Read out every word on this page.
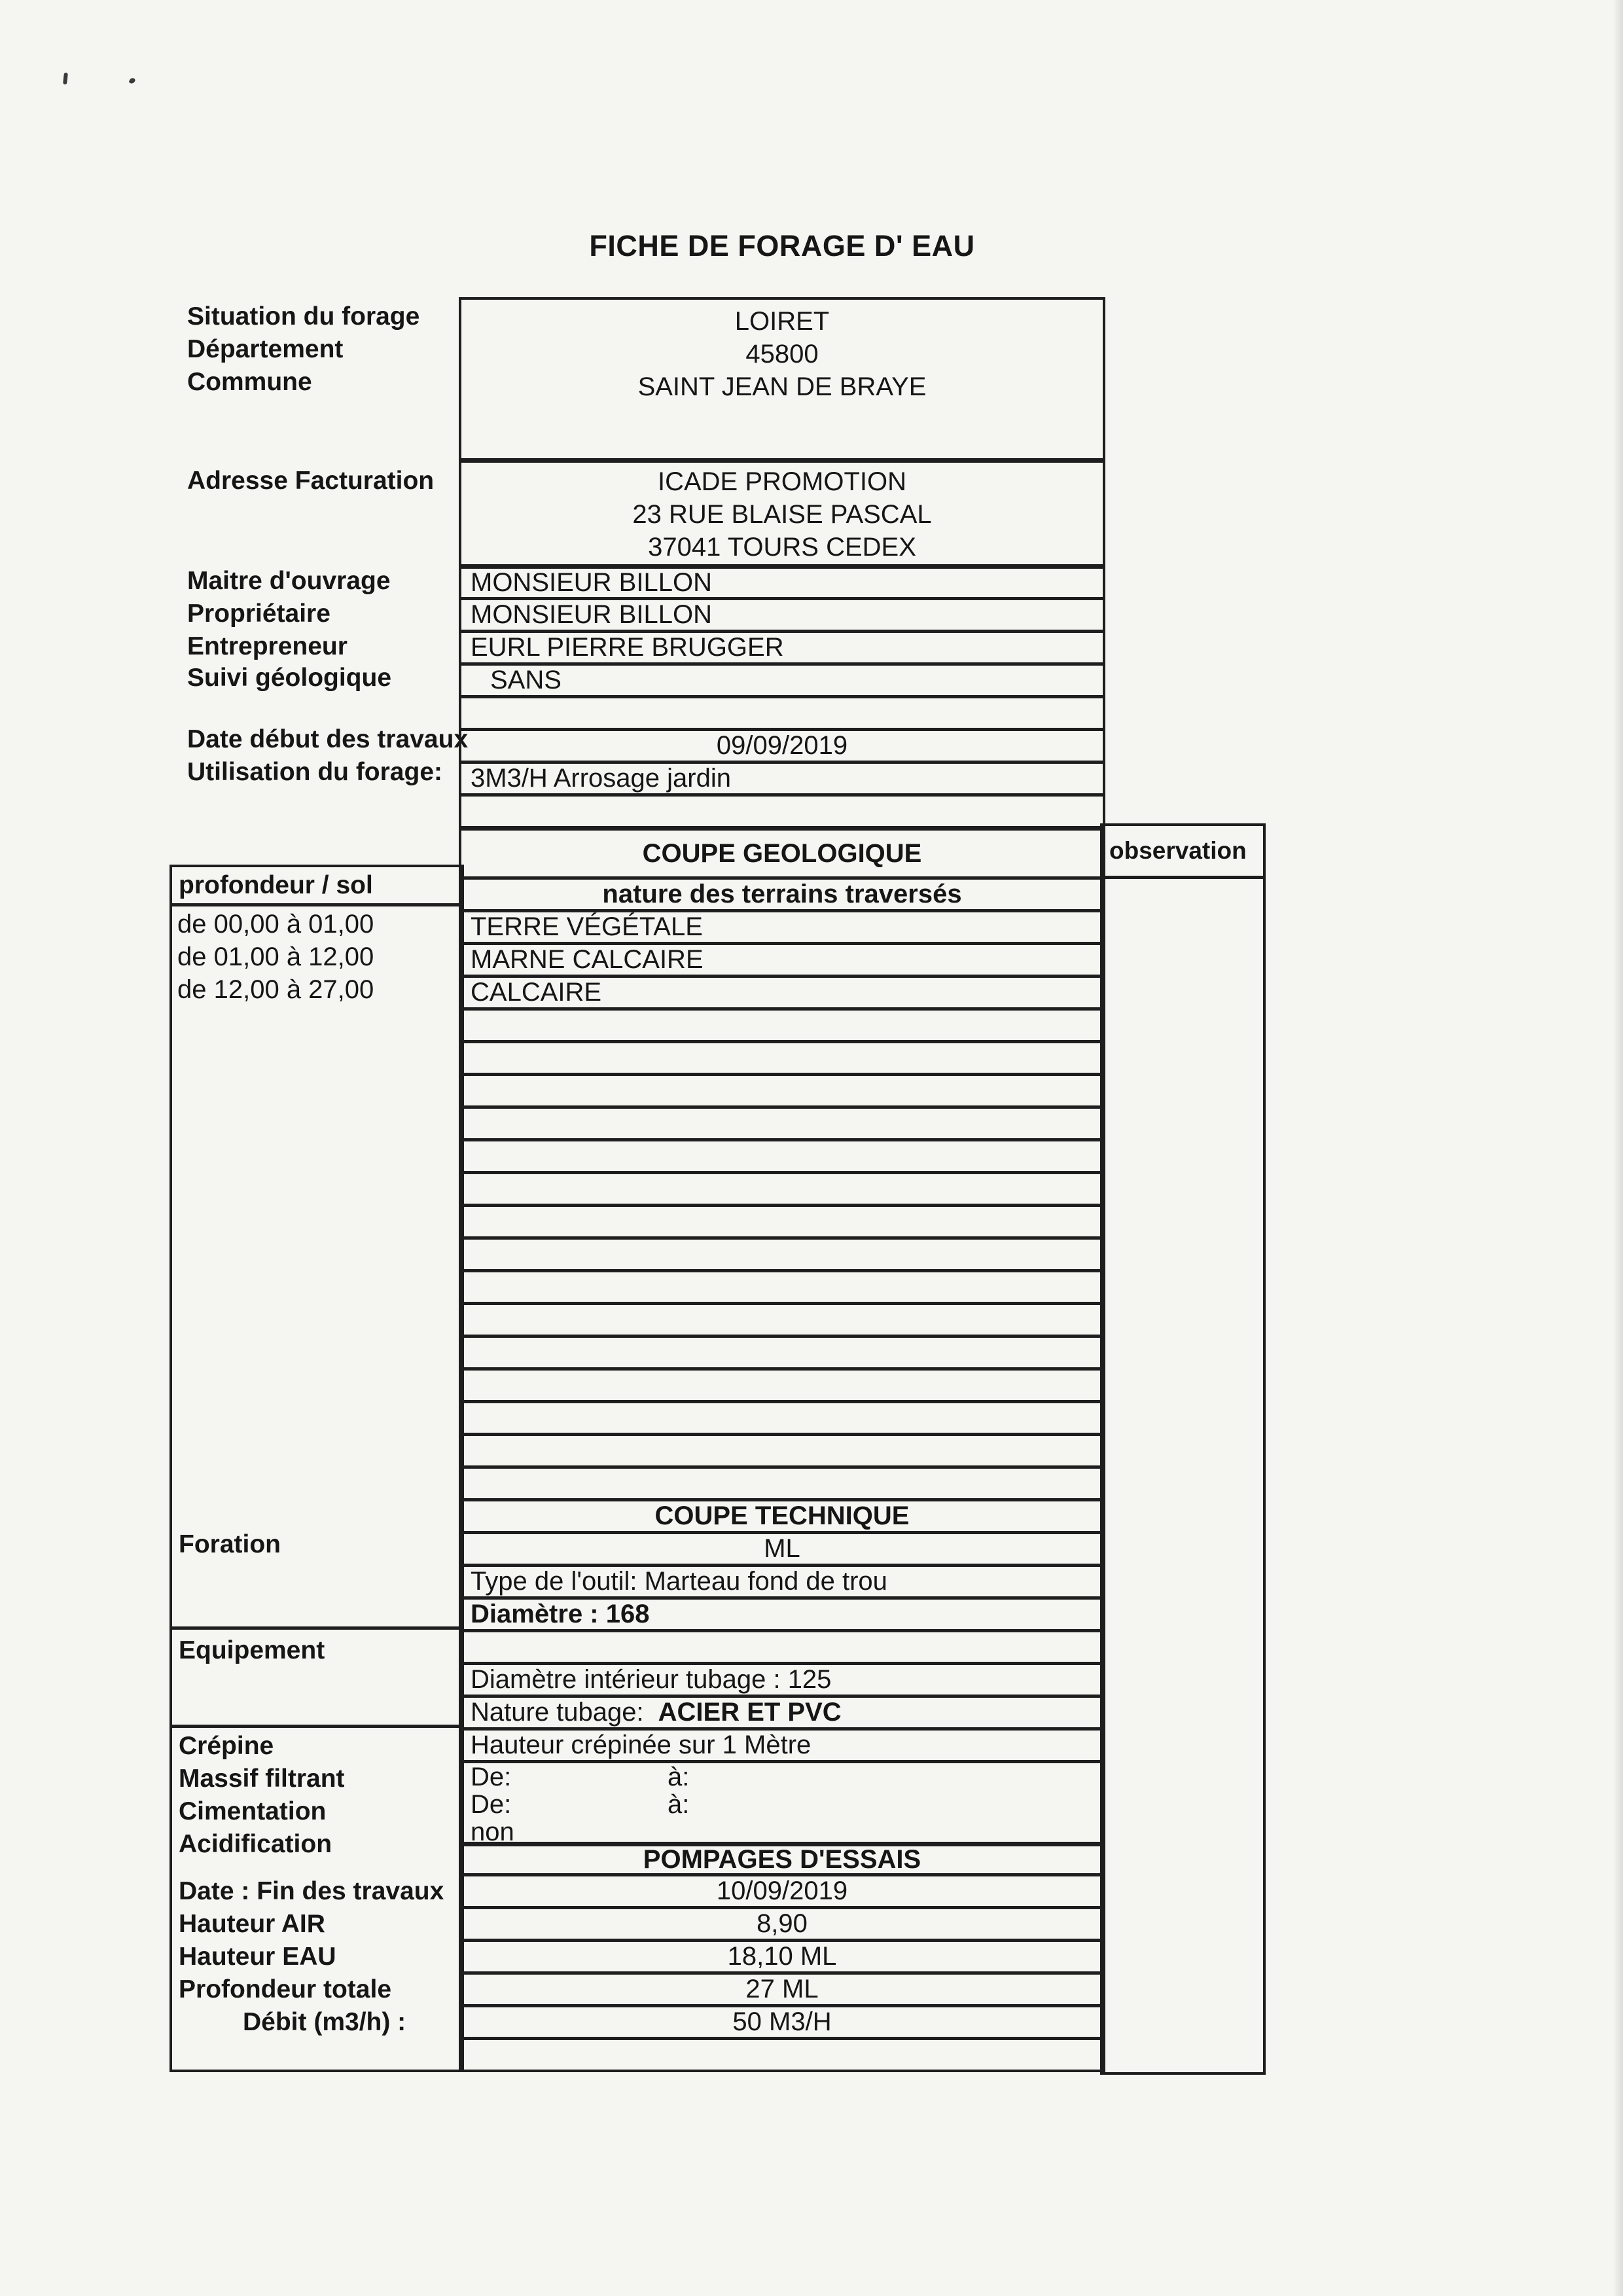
FICHE DE FORAGE D' EAU
Situation du forage
Département
Commune
Adresse Facturation
Maitre d'ouvrage
Propriétaire
Entrepreneur
Suivi géologique
Date début des travaux
Utilisation du forage:
LOIRET
45800
SAINT JEAN DE BRAYE
ICADE PROMOTION
23 RUE BLAISE PASCAL
37041 TOURS CEDEX
MONSIEUR BILLON
MONSIEUR BILLON
EURL PIERRE BRUGGER
SANS
09/09/2019
3M3/H Arrosage jardin
COUPE GEOLOGIQUE
nature des terrains traversés
TERRE VÉGÉTALE
MARNE CALCAIRE
CALCAIRE
COUPE TECHNIQUE
ML
Type de l'outil: Marteau fond de trou
Diamètre : 168
Diamètre intérieur tubage : 125
Nature tubage: ACIER ET PVC
Hauteur crépinée sur 1 Mètre
De:	à:
De:	à:
non
POMPAGES D'ESSAIS
10/09/2019
8,90
18,10 ML
27 ML
50 M3/H
profondeur / sol
de 00,00 à 01,00
de 01,00 à 12,00
de 12,00 à 27,00
Foration
Equipement
Crépine
Massif filtrant
Cimentation
Acidification
Date : Fin des travaux
Hauteur AIR
Hauteur EAU
Profondeur totale
Débit (m3/h) :
observation
